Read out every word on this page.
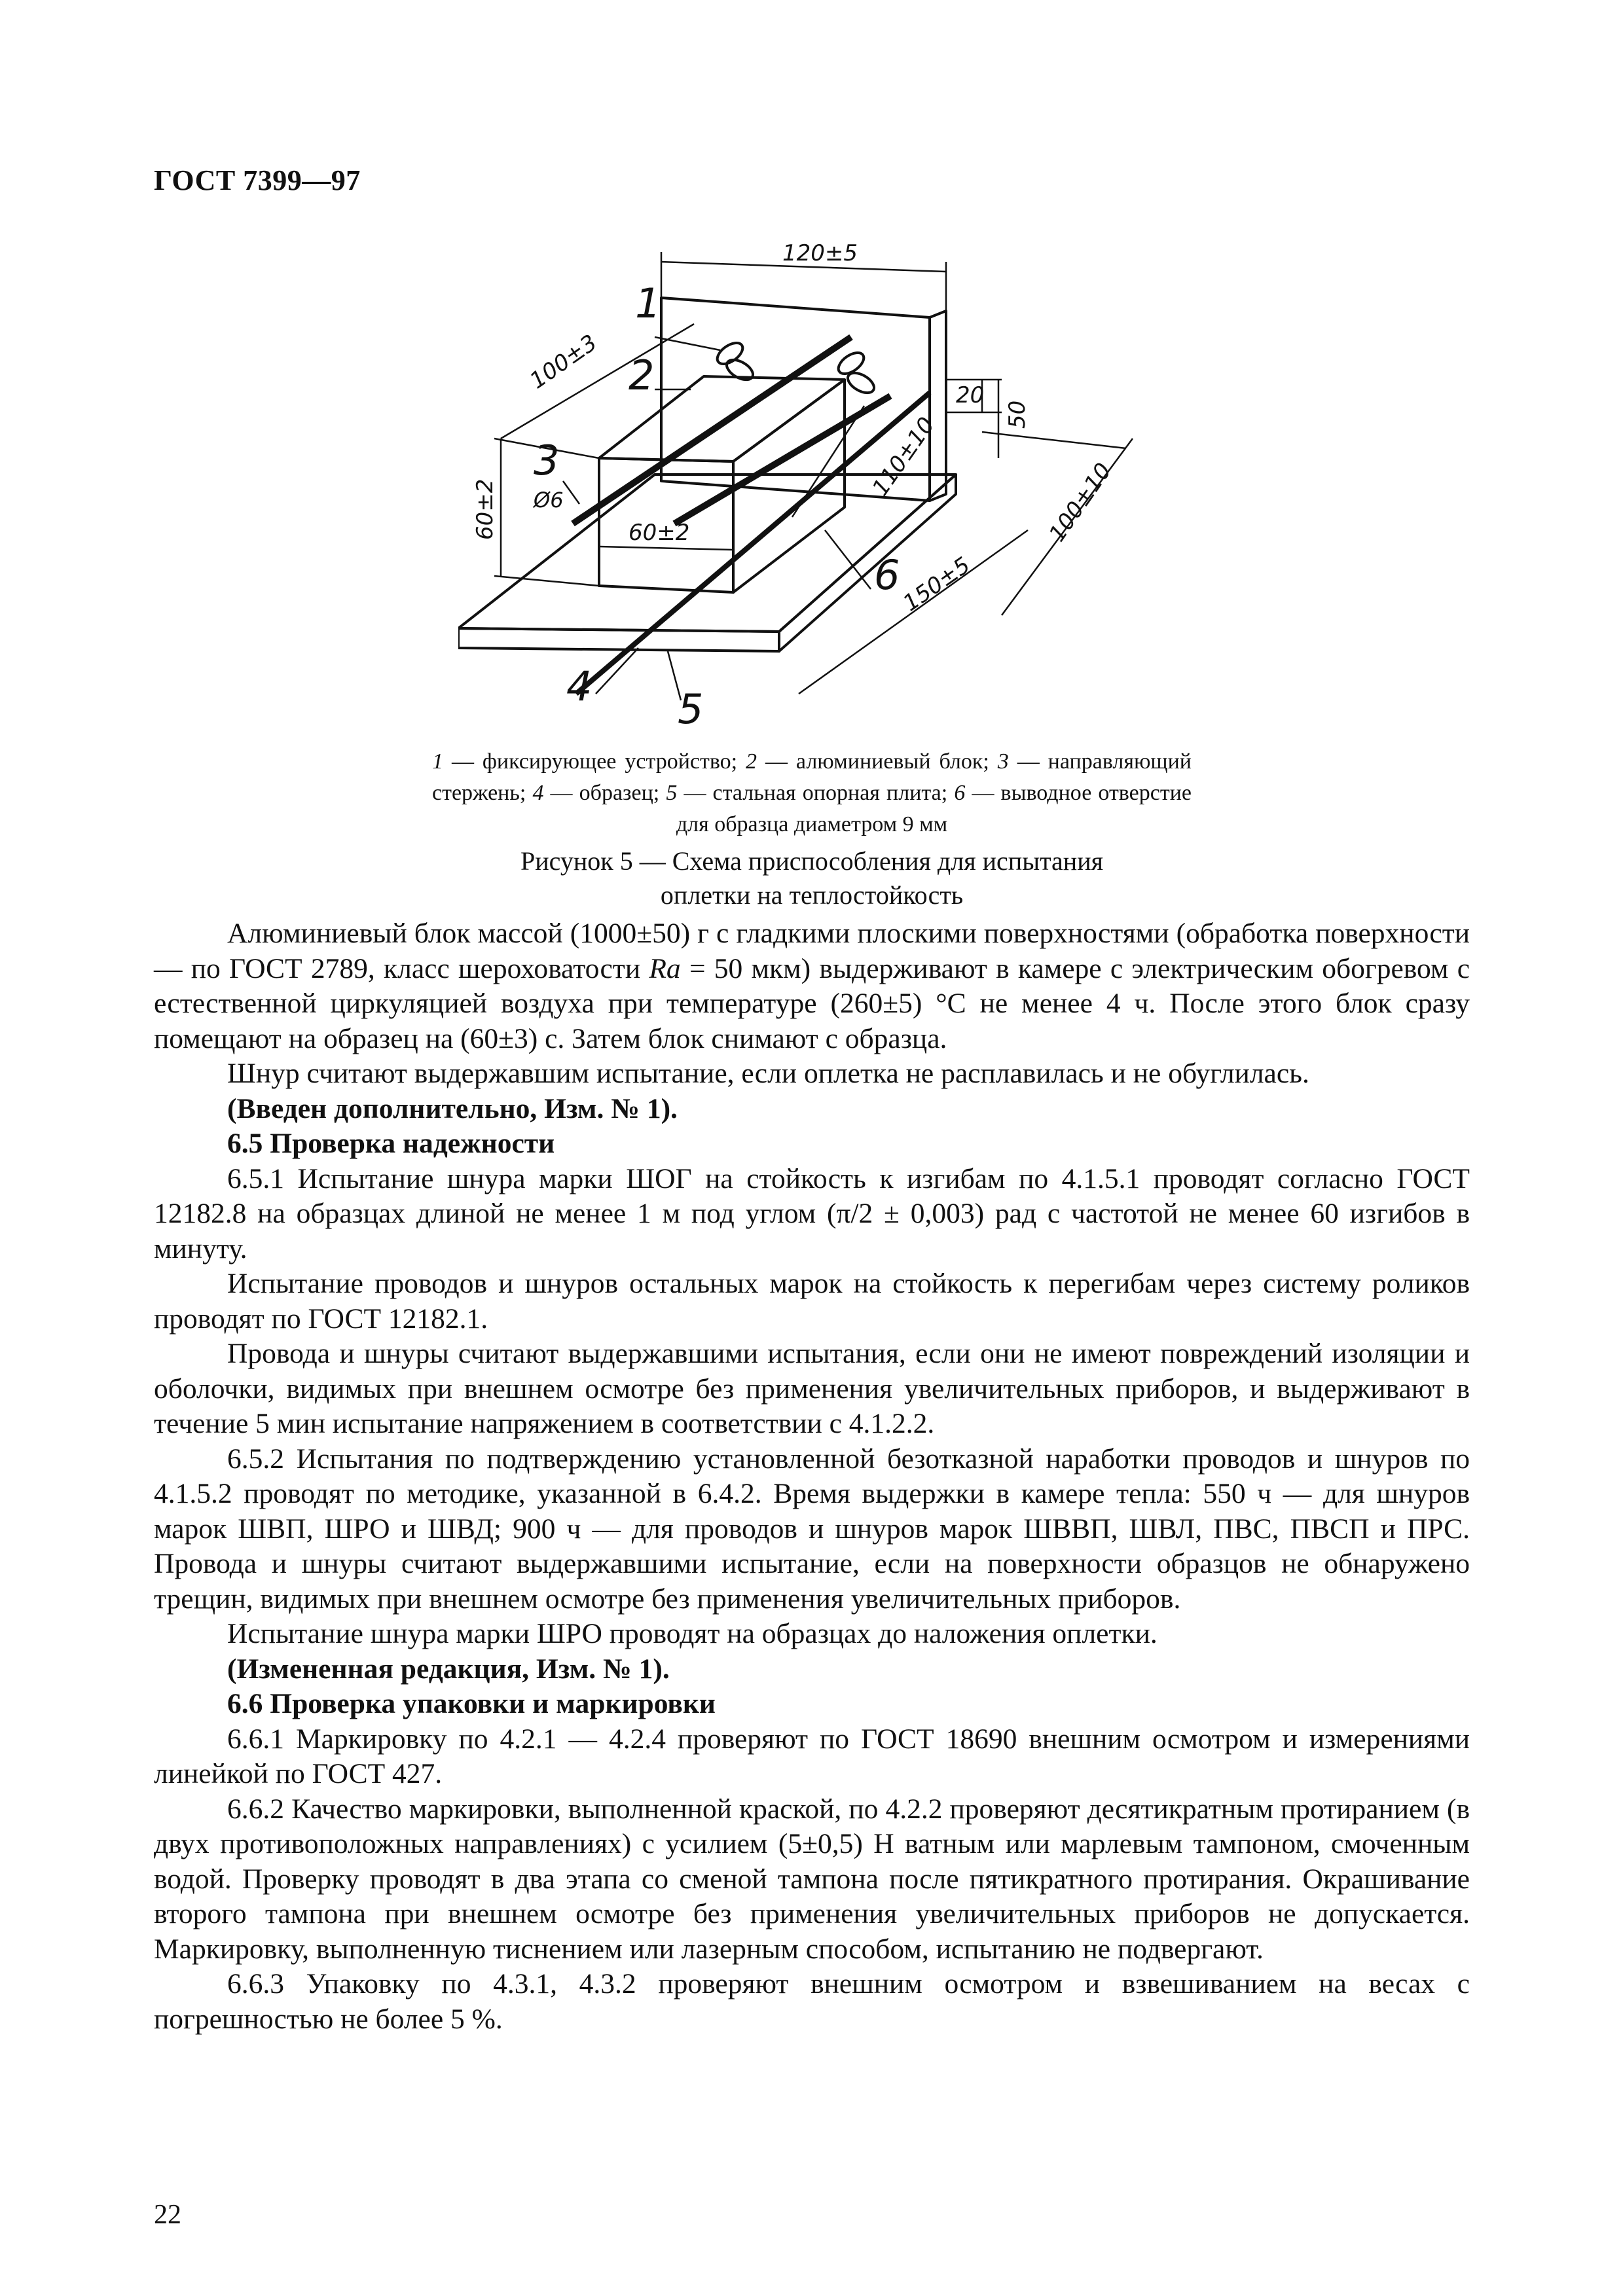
ГОСТ 7399—97
1
2
3
4 5
6
120±5
100±3
60±2 Ø6
60±2
110±10
20
50
100±10
150±5
1 — фиксирующее устройство; 2 — алюминиевый блок; 3 — направляющий стержень; 4 — образец; 5 — стальная опорная плита; 6 — выводное отверстие для образца диаметром 9 мм
Рисунок 5 — Схема приспособления для испытания
оплетки на теплостойкость

Алюминиевый блок массой (1000±50) г с гладкими плоскими поверхностями (обработка поверхности — по ГОСТ 2789, класс шероховатости Ra = 50 мкм) выдерживают в камере с электрическим обогревом с естественной циркуляцией воздуха при температуре (260±5) °С не менее 4 ч. После этого блок сразу помещают на образец на (60±3) с. Затем блок снимают с образца.

Шнур считают выдержавшим испытание, если оплетка не расплавилась и не обуглилась.

(Введен дополнительно, Изм. № 1).

6.5 Проверка надежности

6.5.1 Испытание шнура марки ШОГ на стойкость к изгибам по 4.1.5.1 проводят согласно ГОСТ 12182.8 на образцах длиной не менее 1 м под углом (π/2 ± 0,003) рад с частотой не менее 60 изгибов в минуту.

Испытание проводов и шнуров остальных марок на стойкость к перегибам через систему роликов проводят по ГОСТ 12182.1.

Провода и шнуры считают выдержавшими испытания, если они не имеют повреждений изоляции и оболочки, видимых при внешнем осмотре без применения увеличительных приборов, и выдерживают в течение 5 мин испытание напряжением в соответствии с 4.1.2.2.

6.5.2 Испытания по подтверждению установленной безотказной наработки проводов и шнуров по 4.1.5.2 проводят по методике, указанной в 6.4.2. Время выдержки в камере тепла: 550 ч — для шнуров марок ШВП, ШРО и ШВД; 900 ч — для проводов и шнуров марок ШВВП, ШВЛ, ПВС, ПВСП и ПРС. Провода и шнуры считают выдержавшими испытание, если на поверхности образцов не обнаружено трещин, видимых при внешнем осмотре без применения увеличительных приборов.

Испытание шнура марки ШРО проводят на образцах до наложения оплетки.

(Измененная редакция, Изм. № 1).

6.6 Проверка упаковки и маркировки

6.6.1 Маркировку по 4.2.1 — 4.2.4 проверяют по ГОСТ 18690 внешним осмотром и измерениями линейкой по ГОСТ 427.

6.6.2 Качество маркировки, выполненной краской, по 4.2.2 проверяют десятикратным протиранием (в двух противоположных направлениях) с усилием (5±0,5) Н ватным или марлевым тампоном, смоченным водой. Проверку проводят в два этапа со сменой тампона после пятикратного протирания. Окрашивание второго тампона при внешнем осмотре без применения увеличительных приборов не допускается. Маркировку, выполненную тиснением или лазерным способом, испытанию не подвергают.

6.6.3 Упаковку по 4.3.1, 4.3.2 проверяют внешним осмотром и взвешиванием на весах с погрешностью не более 5 %.

22
